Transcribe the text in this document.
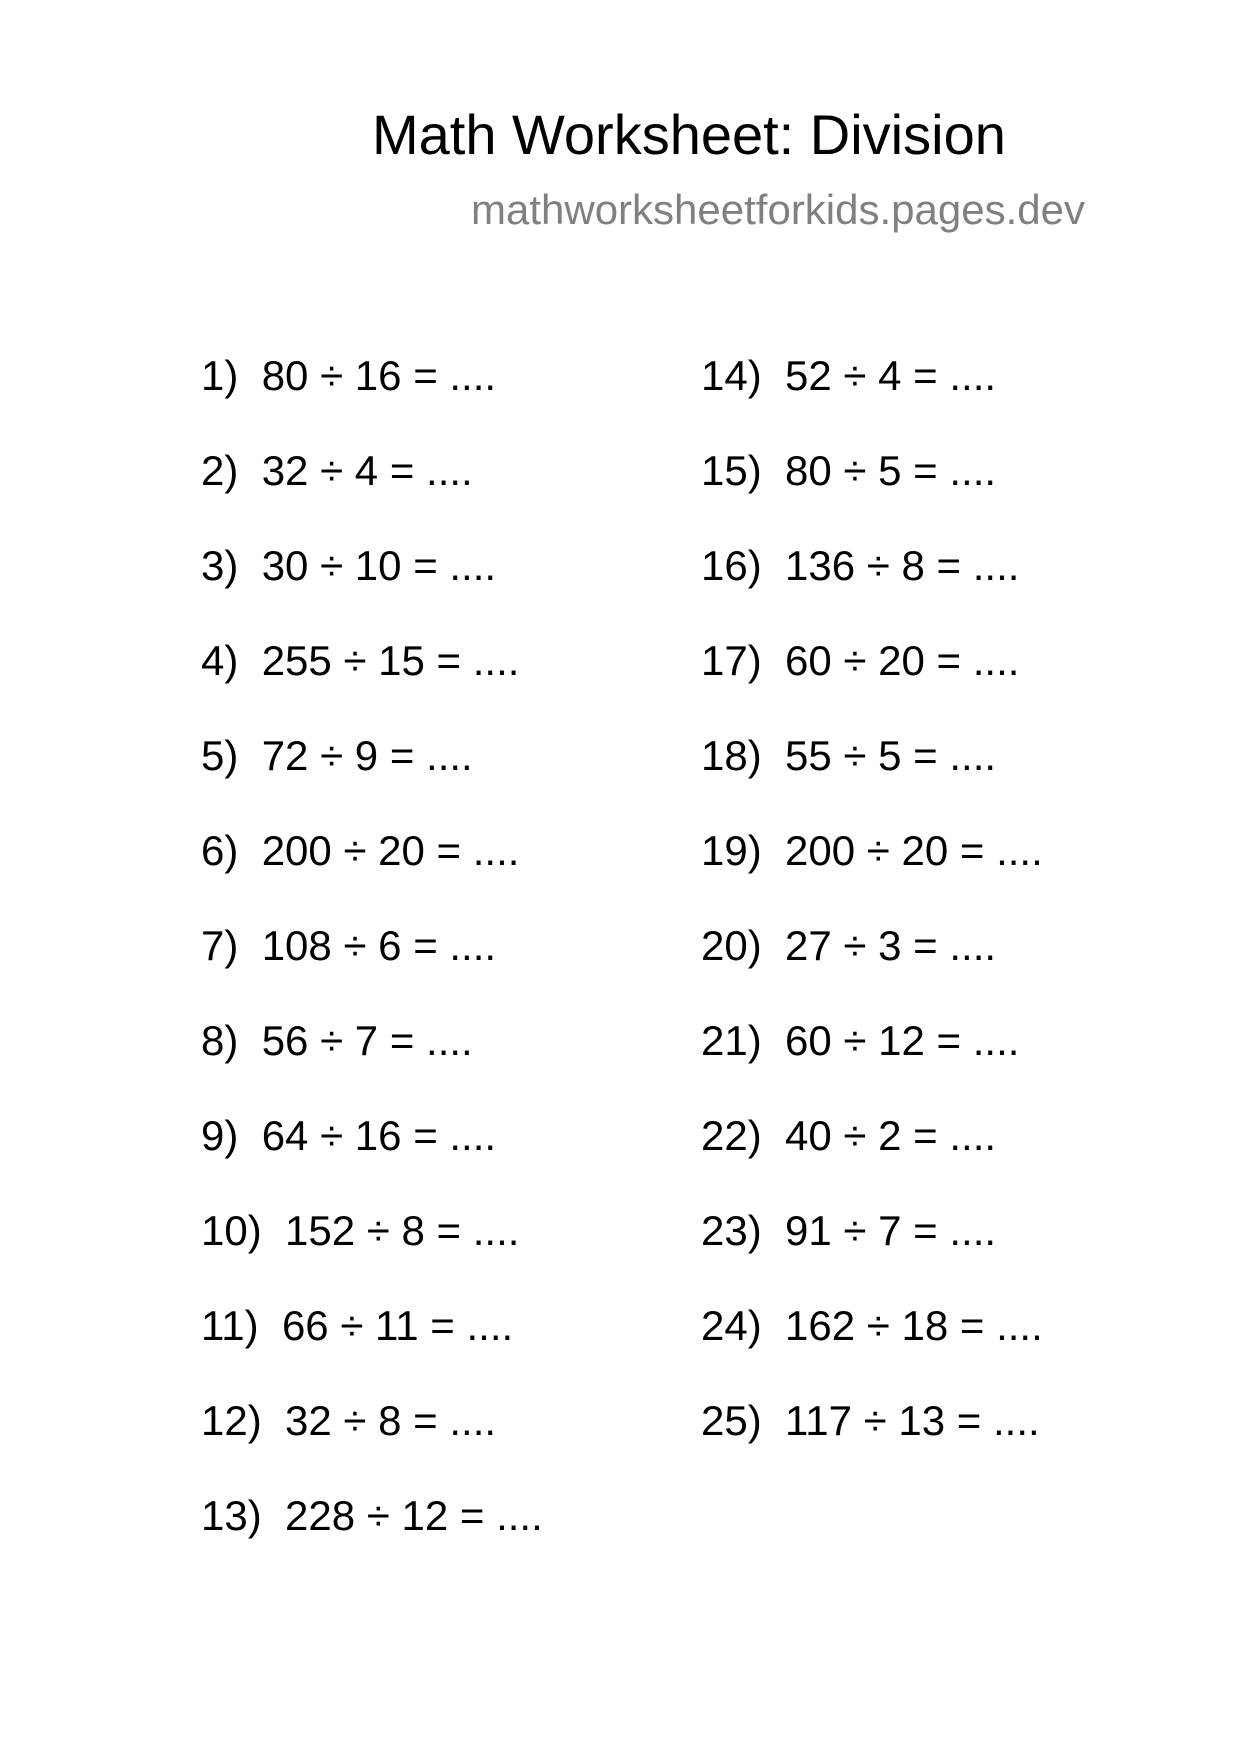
Math Worksheet: Division
mathworksheetforkids.pages.dev
1) 80 ÷ 16 = ....
2) 32 ÷ 4 = ....
3) 30 ÷ 10 = ....
4) 255 ÷ 15 = ....
5) 72 ÷ 9 = ....
6) 200 ÷ 20 = ....
7) 108 ÷ 6 = ....
8) 56 ÷ 7 = ....
9) 64 ÷ 16 = ....
10) 152 ÷ 8 = ....
11) 66 ÷ 11 = ....
12) 32 ÷ 8 = ....
13) 228 ÷ 12 = ....
14) 52 ÷ 4 = ....
15) 80 ÷ 5 = ....
16) 136 ÷ 8 = ....
17) 60 ÷ 20 = ....
18) 55 ÷ 5 = ....
19) 200 ÷ 20 = ....
20) 27 ÷ 3 = ....
21) 60 ÷ 12 = ....
22) 40 ÷ 2 = ....
23) 91 ÷ 7 = ....
24) 162 ÷ 18 = ....
25) 117 ÷ 13 = ....
